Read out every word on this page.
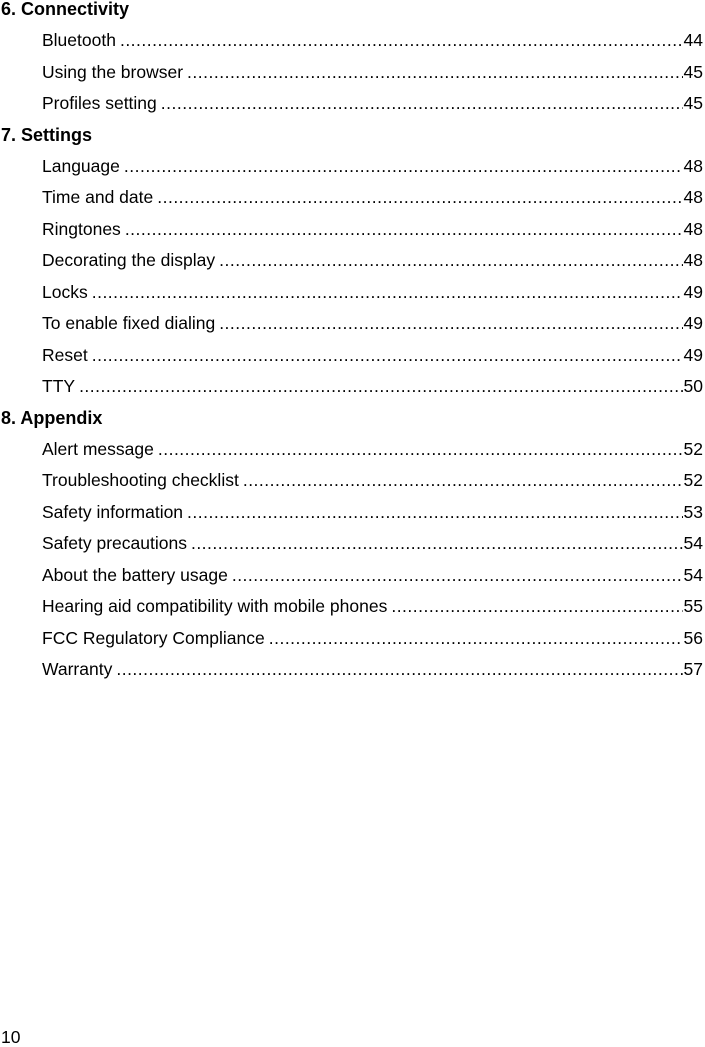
6. Connectivity
Bluetooth .....	44
Using the browser .....	45
Profiles setting .....	45
7. Settings
Language .....	48
Time and date .....	48
Ringtones .....	48
Decorating the display .....	48
Locks .....	49
To enable fixed dialing .....	49
Reset .....	49
TTY .....	50
8. Appendix
Alert message .....	52
Troubleshooting checklist .....	52
Safety information .....	53
Safety precautions .....	54
About the battery usage .....	54
Hearing aid compatibility with mobile phones .....	55
FCC Regulatory Compliance .....	56
Warranty .....	57
10
